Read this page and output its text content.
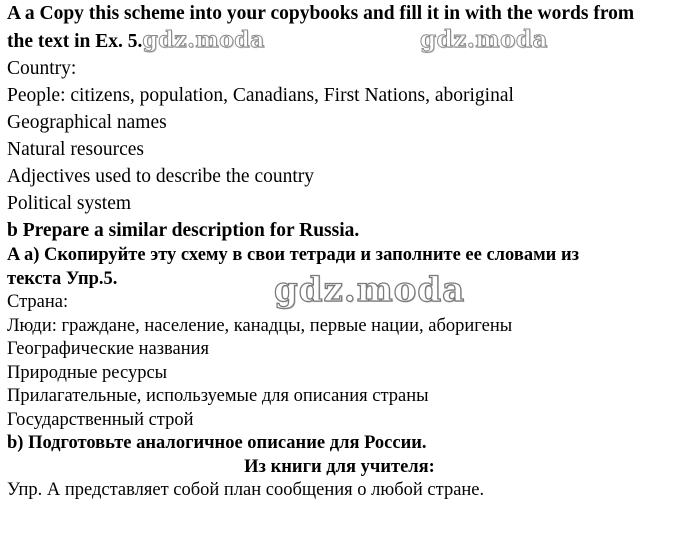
A a Copy this scheme into your copybooks and fill it in with the words from
the text in Ex. 5.gdz.moda
Country:
People: citizens, population, Canadians, First Nations, aboriginal
Geographical names
Natural resources
Adjectives used to describe the country
Political system
b Prepare a similar description for Russia.
A а) Скопируйте эту схему в свои тетради и заполните ее словами из
текста Упр.5.
Страна:
Люди: граждане, население, канадцы, первые нации, аборигены
Географические названия
Природные ресурсы
Прилагательные, используемые для описания страны
Государственный строй
b) Подготовьте аналогичное описание для России.
Из книги для учителя:
Упр. А представляет собой план сообщения о любой стране.
gdz.moda
gdz.moda
